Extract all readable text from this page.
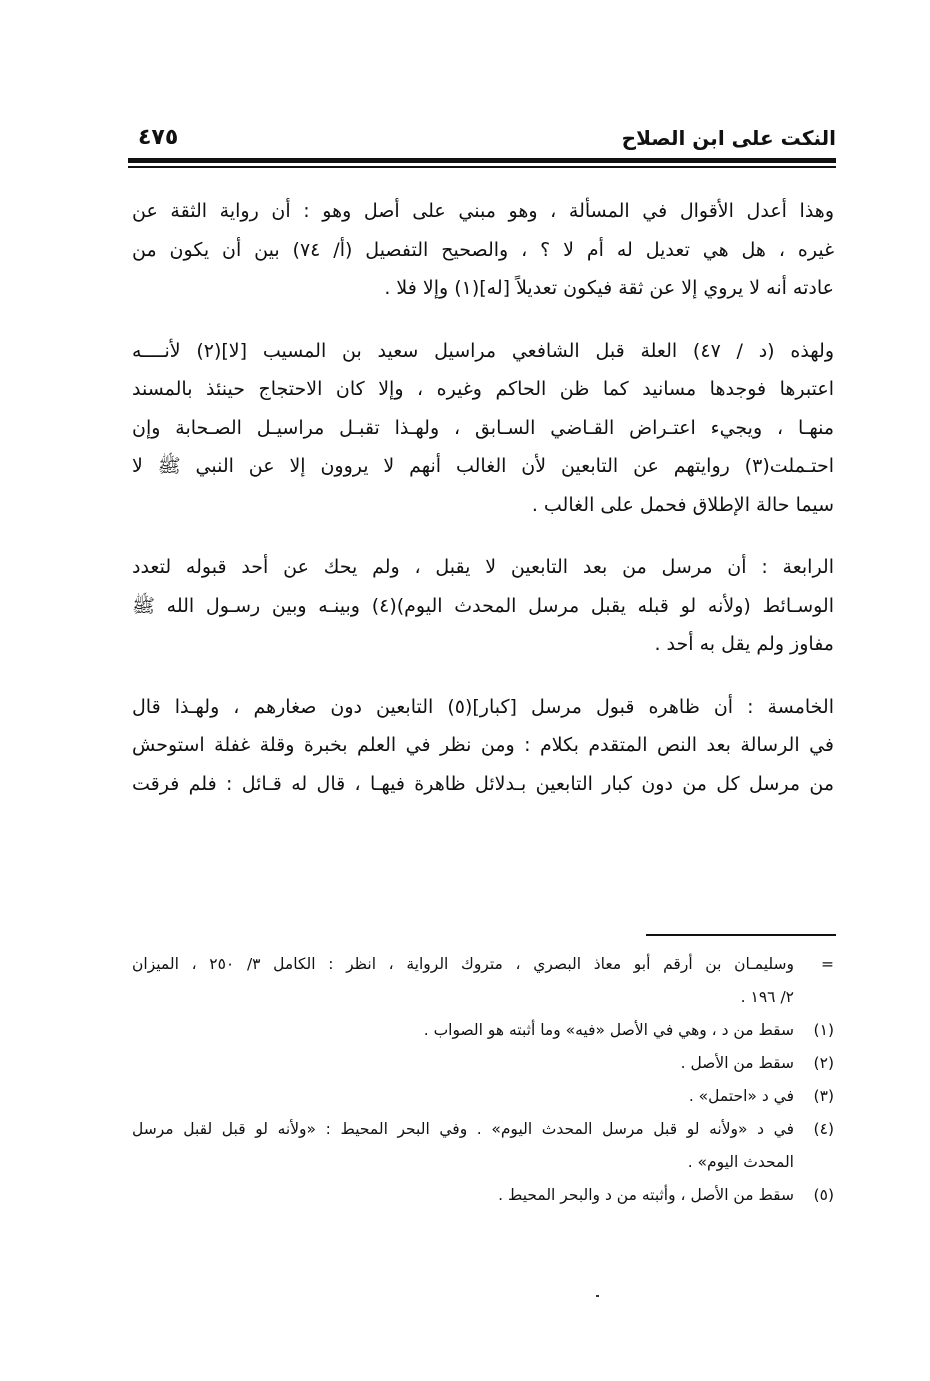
النكت على ابن الصلاح
٤٧٥
وهذا أعدل الأقوال في المسألة ، وهو مبني على أصل وهو : أن رواية الثقة عن
غيره ، هل هي تعديل له أم لا ؟ ، والصحيح التفصيل (أ/ ٧٤) بين أن يكون من
عادته أنه لا يروي إلا عن ثقة فيكون تعديلاً [له](١) وإلا فلا .
ولهذه (د / ٤٧) العلة قبل الشافعي مراسيل سعيد بن المسيب [لا](٢) لأنــــه
اعتبرها فوجدها مسانيد كما ظن الحاكم وغيره ، وإلا كان الاحتجاج حينئذ بالمسند
منهـا ، ويجيء اعتـراض القـاضي السـابق ، ولهـذا تقبـل مراسيـل الصـحابة وإن
احتـملت(٣) روايتهم عن التابعين لأن الغالب أنهم لا يروون إلا عن النبي ﷺ لا
سيما حالة الإطلاق فحمل على الغالب .
الرابعة : أن مرسل من بعد التابعين لا يقبل ، ولم يحك عن أحد قبوله لتعدد
الوسـائط (ولأنه لو قبله يقبل مرسل المحدث اليوم)(٤) وبينـه وبين رسـول الله ﷺ
مفاوز ولم يقل به أحد .
الخامسة : أن ظاهره قبول مرسل [كبار](٥) التابعين دون صغارهم ، ولهـذا قال
في الرسالة بعد النص المتقدم بكلام : ومن نظر في العلم بخبرة وقلة غفلة استوحش
من مرسل كل من دون كبار التابعين بـدلائل ظاهرة فيهـا ، قال له قـائل : فلم فرقت
=
وسليمـان بن أرقم أبو معاذ البصري ، متروك الرواية ، انظر : الكامل ٣/ ٢٥٠ ، الميزان
٢/ ١٩٦ .
(١)
سقط من د ، وهي في الأصل «فيه» وما أثبته هو الصواب .
(٢)
سقط من الأصل .
(٣)
في د «احتمل» .
(٤)
في د «ولأنه لو قبل مرسل المحدث اليوم» . وفي البحر المحيط : «ولأنه لو قبل لقبل مرسل
المحدث اليوم» .
(٥)
سقط من الأصل ، وأثبته من د والبحر المحيط .
